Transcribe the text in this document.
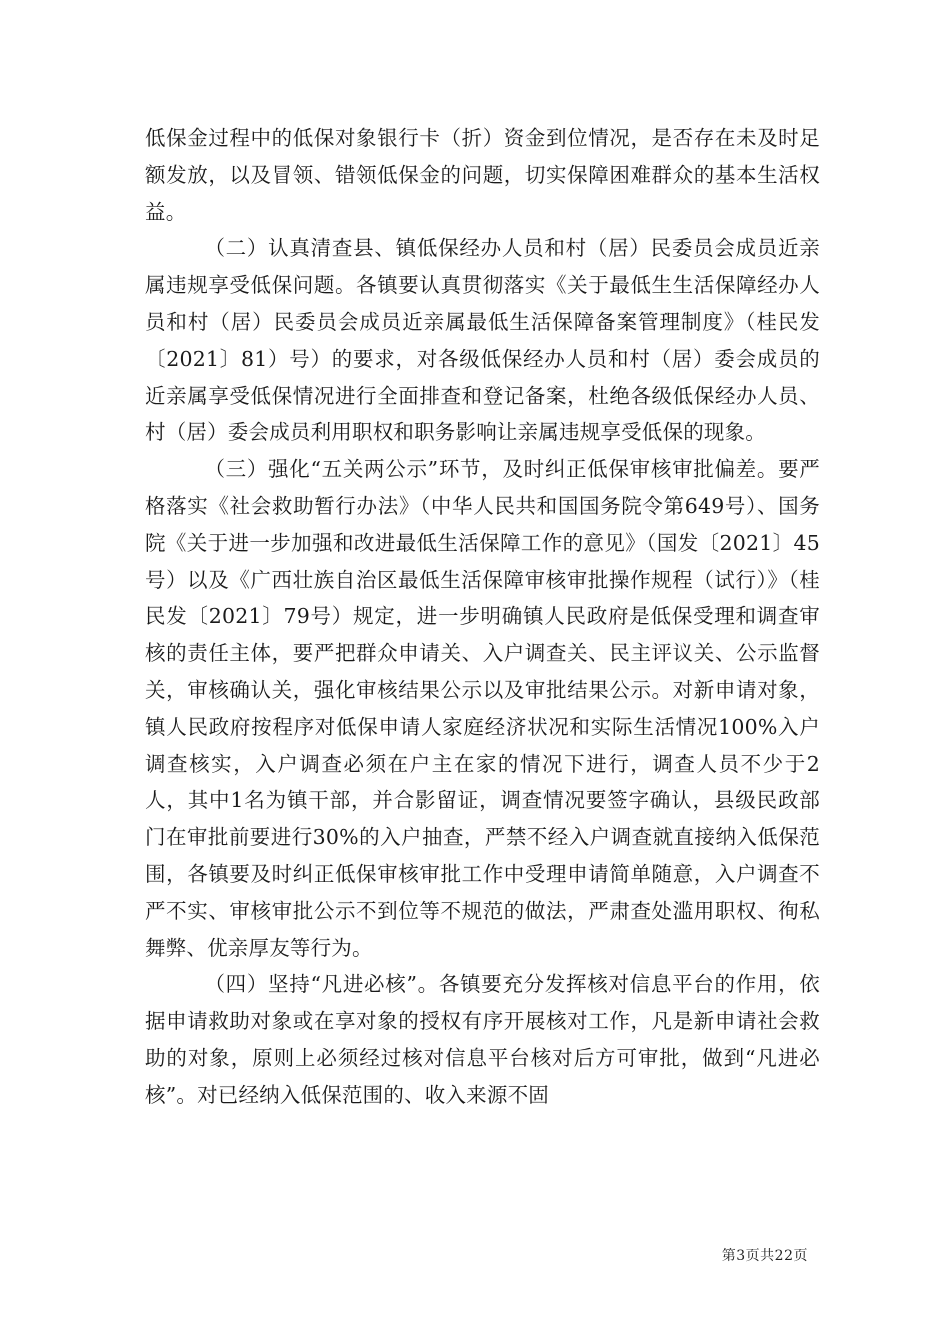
低保金过程中的低保对象银行卡（折）资金到位情况，是否存在未及时足额发放，以及冒领、错领低保金的问题，切实保障困难群众的基本生活权益。

（二）认真清查县、镇低保经办人员和村（居）民委员会成员近亲属违规享受低保问题。各镇要认真贯彻落实《关于最低生生活保障经办人员和村（居）民委员会成员近亲属最低生活保障备案管理制度》（桂民发〔2021〕81）号）的要求，对各级低保经办人员和村（居）委会成员的近亲属享受低保情况进行全面排查和登记备案，杜绝各级低保经办人员、村（居）委会成员利用职权和职务影响让亲属违规享受低保的现象。

（三）强化“五关两公示”环节，及时纠正低保审核审批偏差。要严格落实《社会救助暂行办法》（中华人民共和国国务院令第649号）、国务院《关于进一步加强和改进最低生活保障工作的意见》（国发〔2021〕45号）以及《广西壮族自治区最低生活保障审核审批操作规程（试行）》（桂民发〔2021〕79号）规定，进一步明确镇人民政府是低保受理和调查审核的责任主体，要严把群众申请关、入户调查关、民主评议关、公示监督关，审核确认关，强化审核结果公示以及审批结果公示。对新申请对象，镇人民政府按程序对低保申请人家庭经济状况和实际生活情况100%入户调查核实，入户调查必须在户主在家的情况下进行，调查人员不少于2人，其中1名为镇干部，并合影留证，调查情况要签字确认，县级民政部门在审批前要进行30%的入户抽查，严禁不经入户调查就直接纳入低保范围，各镇要及时纠正低保审核审批工作中受理申请简单随意，入户调查不严不实、审核审批公示不到位等不规范的做法，严肃查处滥用职权、徇私舞弊、优亲厚友等行为。

（四）坚持“凡进必核”。各镇要充分发挥核对信息平台的作用，依据申请救助对象或在享对象的授权有序开展核对工作，凡是新申请社会救助的对象，原则上必须经过核对信息平台核对后方可审批，做到“凡进必核”。对已经纳入低保范围的、收入来源不固

第3页共22页
